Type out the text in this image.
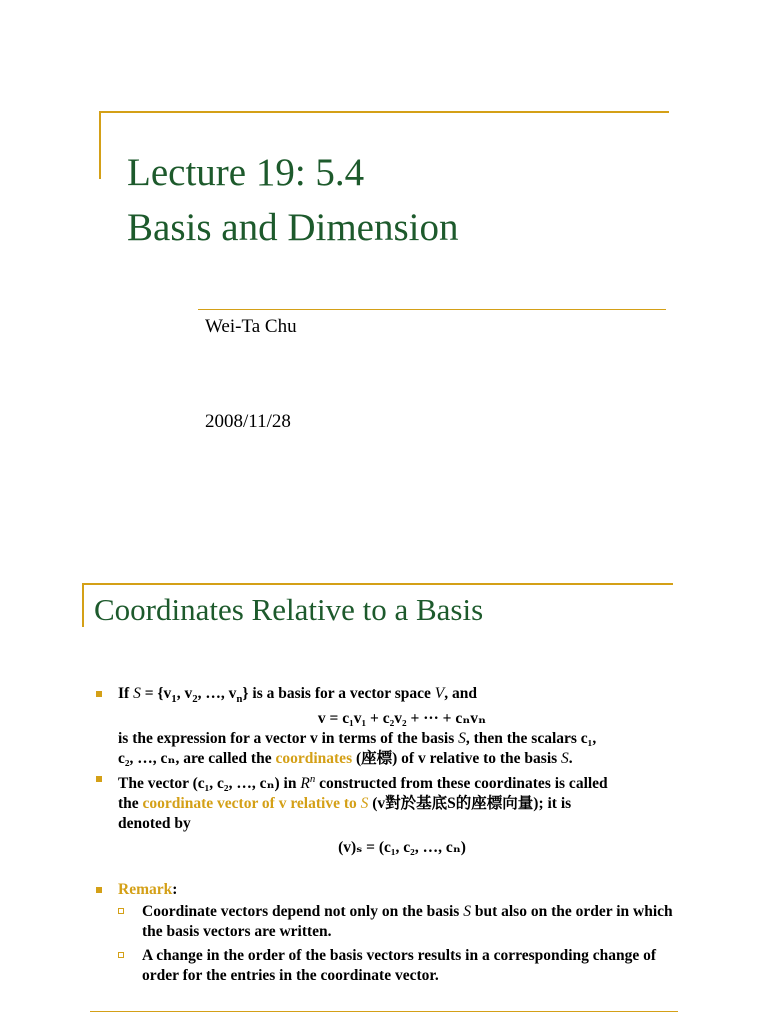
Lecture 19: 5.4
Basis and Dimension
Wei-Ta Chu
2008/11/28
Coordinates Relative to a Basis
If $S = \{v_1$, $v_2$, …, $v_n$} is a basis for a vector space V, and
v = c₁v₁ + c₂v₂ + ··· + cₙvₙ
is the expression for a vector v in terms of the basis S, then the scalars c₁,
c₂, …, cₙ, are called the coordinates (座標) of v relative to the basis S.
The vector (c₁, c₂, …, cₙ) in $R^n$ constructed from these coordinates is called
the coordinate vector of v relative to S (v對於基底S的座標向量); it is
denoted by
(v)ₛ = (c₁, c₂, …, cₙ)
Remark:
Coordinate vectors depend not only on the basis S but also on the order in which the basis vectors are written.
A change in the order of the basis vectors results in a corresponding change of order for the entries in the coordinate vector.
